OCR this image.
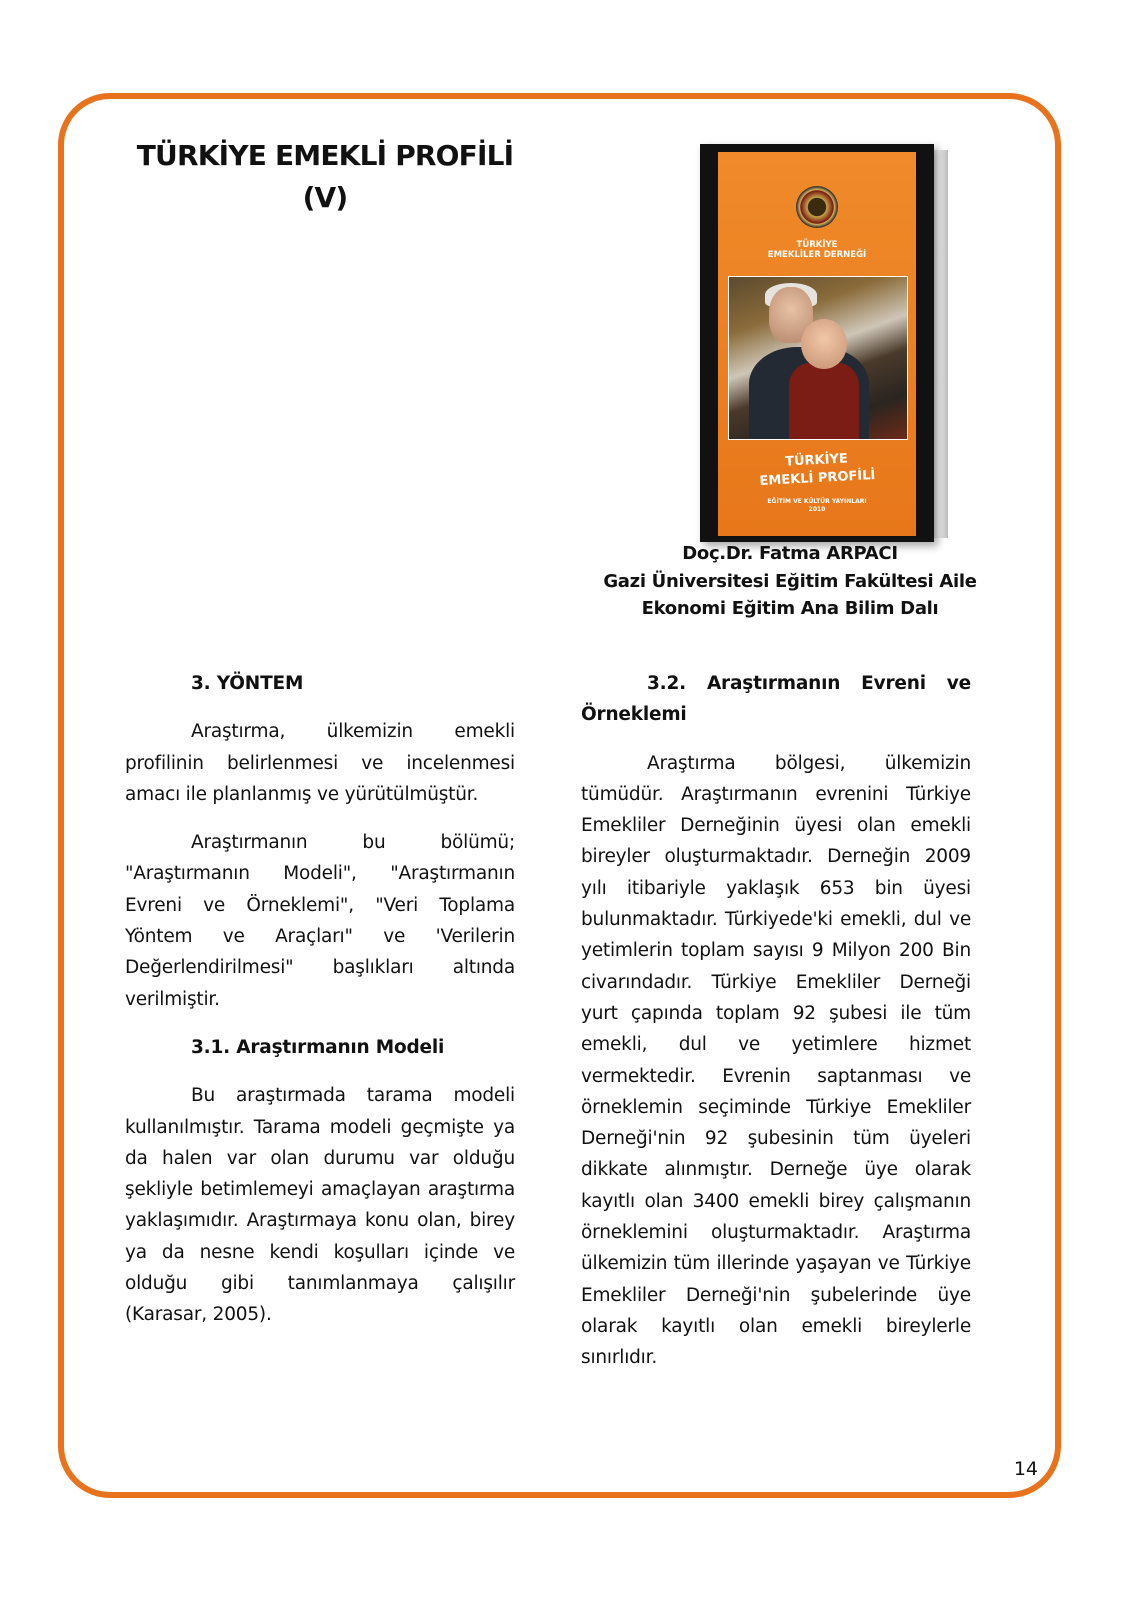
TÜRKİYE EMEKLİ PROFİLİ
(V)
TÜRKİYE
EMEKLİLER DERNEĞİ
TÜRKİYE
EMEKLİ PROFİLİ
EĞİTİM VE KÜLTÜR YAYINLARI
2010
Doç.Dr. Fatma ARPACI
Gazi Üniversitesi Eğitim Fakültesi Aile
Ekonomi Eğitim Ana Bilim Dalı

3. YÖNTEM

Araştırma, ülkemizin emekli profilinin belirlenmesi ve incelenmesi amacı ile planlanmış ve yürütülmüştür.

Araştırmanın bu bölümü; "Araştırmanın Modeli", "Araştırmanın Evreni ve Örneklemi", "Veri Toplama Yöntem ve Araçları" ve 'Verilerin Değerlendirilmesi" başlıkları altında verilmiştir.

3.1. Araştırmanın Modeli

Bu araştırmada tarama modeli kullanılmıştır. Tarama modeli geçmişte ya da halen var olan durumu var olduğu şekliyle betimlemeyi amaçlayan araştırma yaklaşımıdır. Araştırmaya konu olan, birey ya da nesne kendi koşulları içinde ve olduğu gibi tanımlanmaya çalışılır (Karasar, 2005).

3.2. Araştırmanın Evreni ve Örneklemi

Araştırma bölgesi, ülkemizin tümüdür. Araştırmanın evrenini Türkiye Emekliler Derneğinin üyesi olan emekli bireyler oluşturmaktadır. Derneğin 2009 yılı itibariyle yaklaşık 653 bin üyesi bulunmaktadır. Türkiyede'ki emekli, dul ve yetimlerin toplam sayısı 9 Milyon 200 Bin civarındadır. Türkiye Emekliler Derneği yurt çapında toplam 92 şubesi ile tüm emekli, dul ve yetimlere hizmet vermektedir. Evrenin saptanması ve örneklemin seçiminde Türkiye Emekliler Derneği'nin 92 şubesinin tüm üyeleri dikkate alınmıştır. Derneğe üye olarak kayıtlı olan 3400 emekli birey çalışmanın örneklemini oluşturmaktadır. Araştırma ülkemizin tüm illerinde yaşayan ve Türkiye Emekliler Derneği'nin şubelerinde üye olarak kayıtlı olan emekli bireylerle sınırlıdır.

14
